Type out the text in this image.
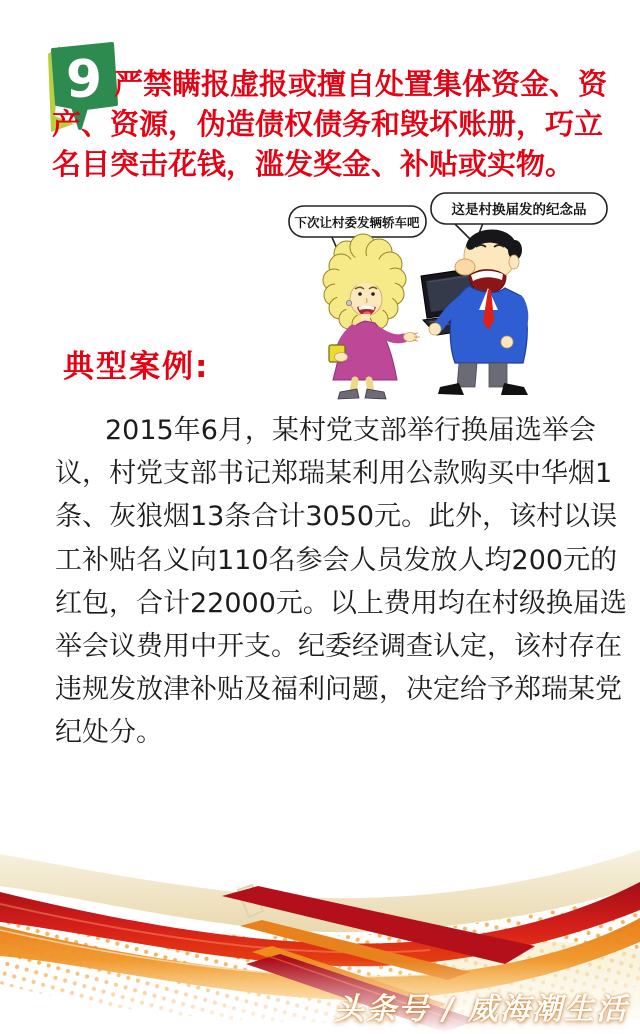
9 严禁瞒报虚报或擅自处置集体资金、资
产、资源，伪造债权债务和毁坏账册，巧立
名目突击花钱，滥发奖金、补贴或实物。
下次让村委发辆轿车吧
这是村换届发的纪念品
典型案例:
2015年6月，某村党支部举行换届选举会
议，村党支部书记郑瑞某利用公款购买中华烟1
条、灰狼烟13条合计3050元。此外，该村以误
工补贴名义向110名参会人员发放人均200元的
红包，合计22000元。以上费用均在村级换届选
举会议费用中开支。纪委经调查认定，该村存在
违规发放津补贴及福利问题，决定给予郑瑞某党
纪处分。
头条号 / 威海潮生活
